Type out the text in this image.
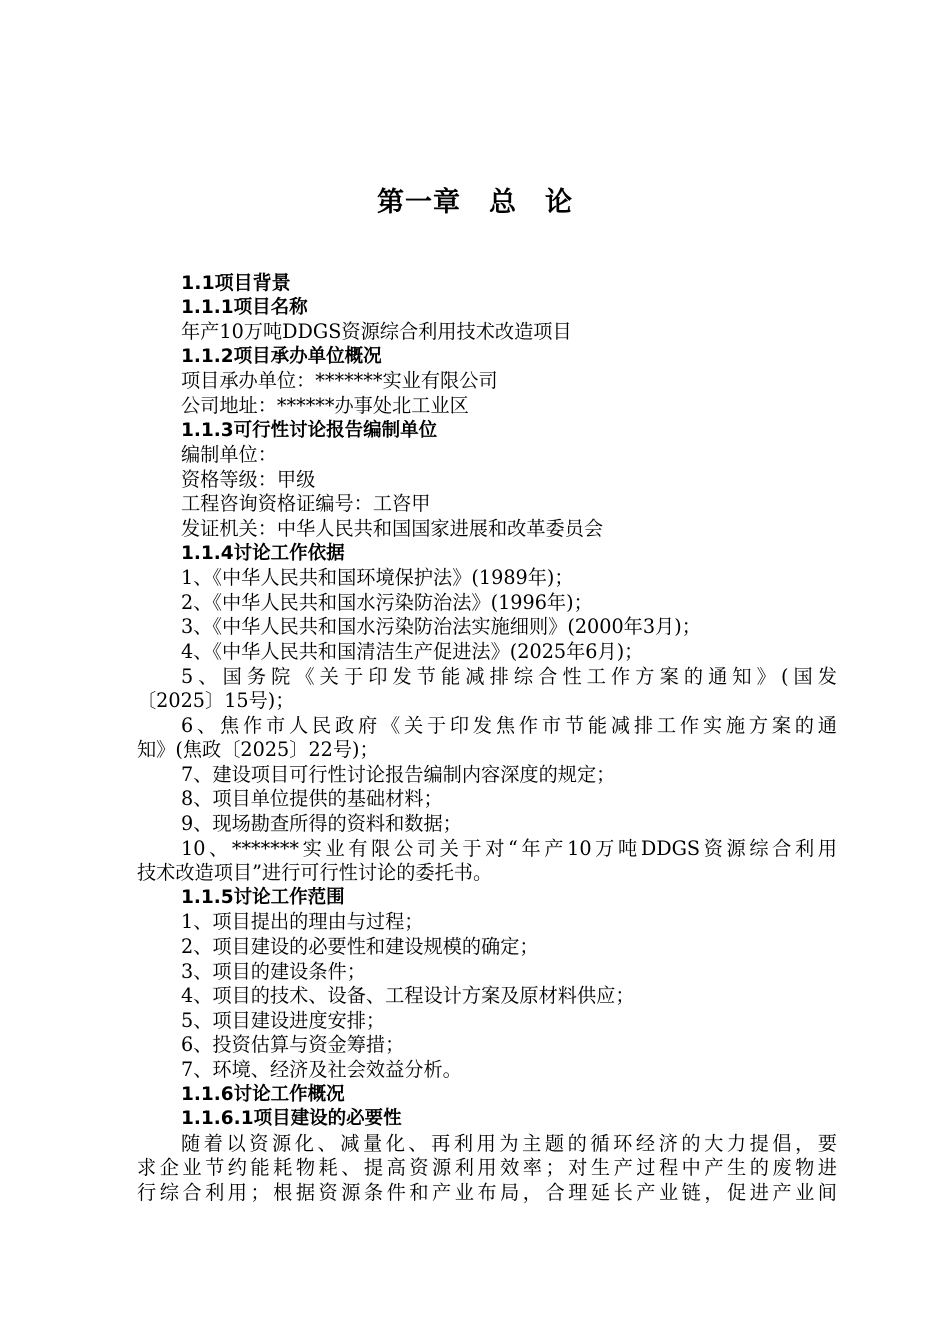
第一章 总 论
1.1项目背景
1.1.1项目名称
年产10万吨DDGS资源综合利用技术改造项目
1.1.2项目承办单位概况
项目承办单位：*******实业有限公司
公司地址：******办事处北工业区
1.1.3可行性讨论报告编制单位
编制单位：
资格等级：甲级
工程咨询资格证编号：工咨甲
发证机关：中华人民共和国国家进展和改革委员会
1.1.4讨论工作依据
1、《中华人民共和国环境保护法》(1989年)；
2、《中华人民共和国水污染防治法》(1996年)；
3、《中华人民共和国水污染防治法实施细则》(2000年3月)；
4、《中华人民共和国清洁生产促进法》(2025年6月)；
5、国务院《关于印发节能减排综合性工作方案的通知》(国发
〔2025〕15号)；
6、焦作市人民政府《关于印发焦作市节能减排工作实施方案的通
知》(焦政〔2025〕22号)；
7、建设项目可行性讨论报告编制内容深度的规定；
8、项目单位提供的基础材料；
9、现场勘查所得的资料和数据；
10、*******实业有限公司关于对“年产10万吨DDGS资源综合利用
技术改造项目”进行可行性讨论的委托书。
1.1.5讨论工作范围
1、项目提出的理由与过程；
2、项目建设的必要性和建设规模的确定；
3、项目的建设条件；
4、项目的技术、设备、工程设计方案及原材料供应；
5、项目建设进度安排；
6、投资估算与资金筹措；
7、环境、经济及社会效益分析。
1.1.6讨论工作概况
1.1.6.1项目建设的必要性
随着以资源化、减量化、再利用为主题的循环经济的大力提倡，要
求企业节约能耗物耗、提高资源利用效率；对生产过程中产生的废物进
行综合利用；根据资源条件和产业布局，合理延长产业链，促进产业间
